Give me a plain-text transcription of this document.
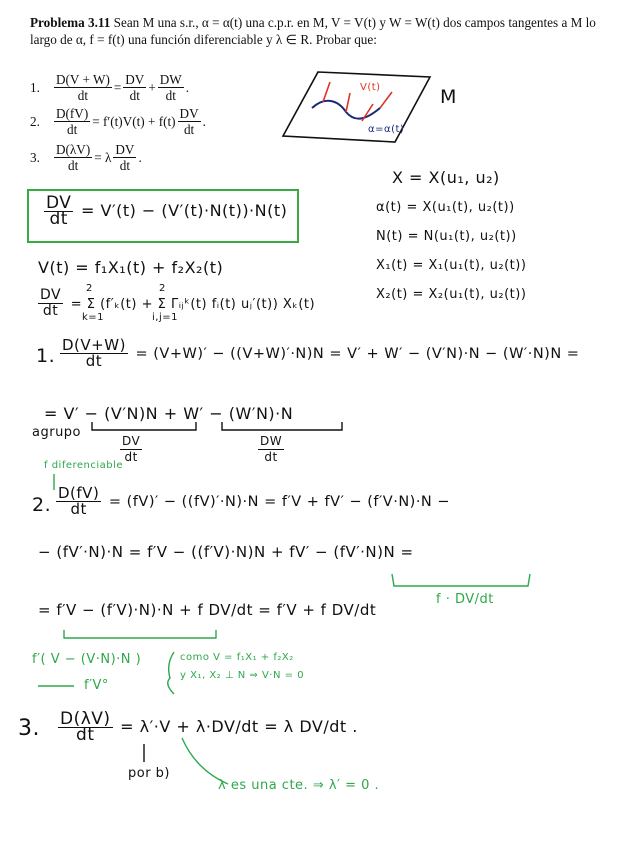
Problema 3.11 Sean M una s.r., α = α(t) una c.p.r. en M, V = V(t) y W = W(t) dos campos tangentes a M lo largo de α, f = f(t) una función diferenciable y λ ∈ R. Probar que:
1.	$\frac{D(V + W)}{dt} = \frac{DV}{dt} + \frac{DW}{dt}$ .
2.	$\frac{D(fV)}{dt} = f'(t)V(t) + f(t) \frac{DV}{dt}$ .
3.	$\frac{D(\lambda V)}{dt} = \lambda \frac{DV}{dt}$ .
M
V(t)
α=α(t)
X = X(u₁, u₂)
α(t) = X(u₁(t), u₂(t))
N(t) = N(u₁(t), u₂(t))
X₁(t) = X₁(u₁(t), u₂(t))
X₂(t) = X₂(u₁(t), u₂(t))
$\frac{DV}{dt} = V'(t) - (V'(t)\cdot N(t))\cdot N(t)$
V(t) = f₁X₁(t) + f₂X₂(t)
$\frac{DV}{dt} = \Sigma$ (f′ₖ(t) + Σ Γᵢⱼᵏ(t) fᵢ(t) uⱼ′(t)) Xₖ(t)
2
k=1
2
i,j=1
1. $\frac{D(V+W)}{dt} = (V+W)' - ((V+W)'\cdot N)N = V' + W' - (V'N)\cdot N - (W'\cdot N)N$ =
= V′ − (V′N)N + W′ − (W′N)·N
agrupo
$\frac{DV}{dt}$	$\frac{DW}{dt}$
f diferenciable
2. $\frac{D(fV)}{dt} = (fV)' - ((fV)'\cdot N)\cdot N = f'V + fV' - (f'V\cdot N)\cdot N$ −
− (fV′·N)·N = f′V − ((f′V)·N)N + fV′ − (fV′·N)N =
f · DV/dt
= f′V − (f′V)·N)·N + f DV/dt = f′V + f DV/dt
f′( V − (V·N)·N )
f′V°
como V = f₁X₁ + f₂X₂
y X₁, X₂ ⊥ N ⇒ V·N = 0
3. $\frac{D(\lambda V)}{dt} = \lambda'\cdot V + \lambda\cdot DV/dt = \lambda$ DV/dt .
por b)
λ es una cte. ⇒ λ′ = 0 .
